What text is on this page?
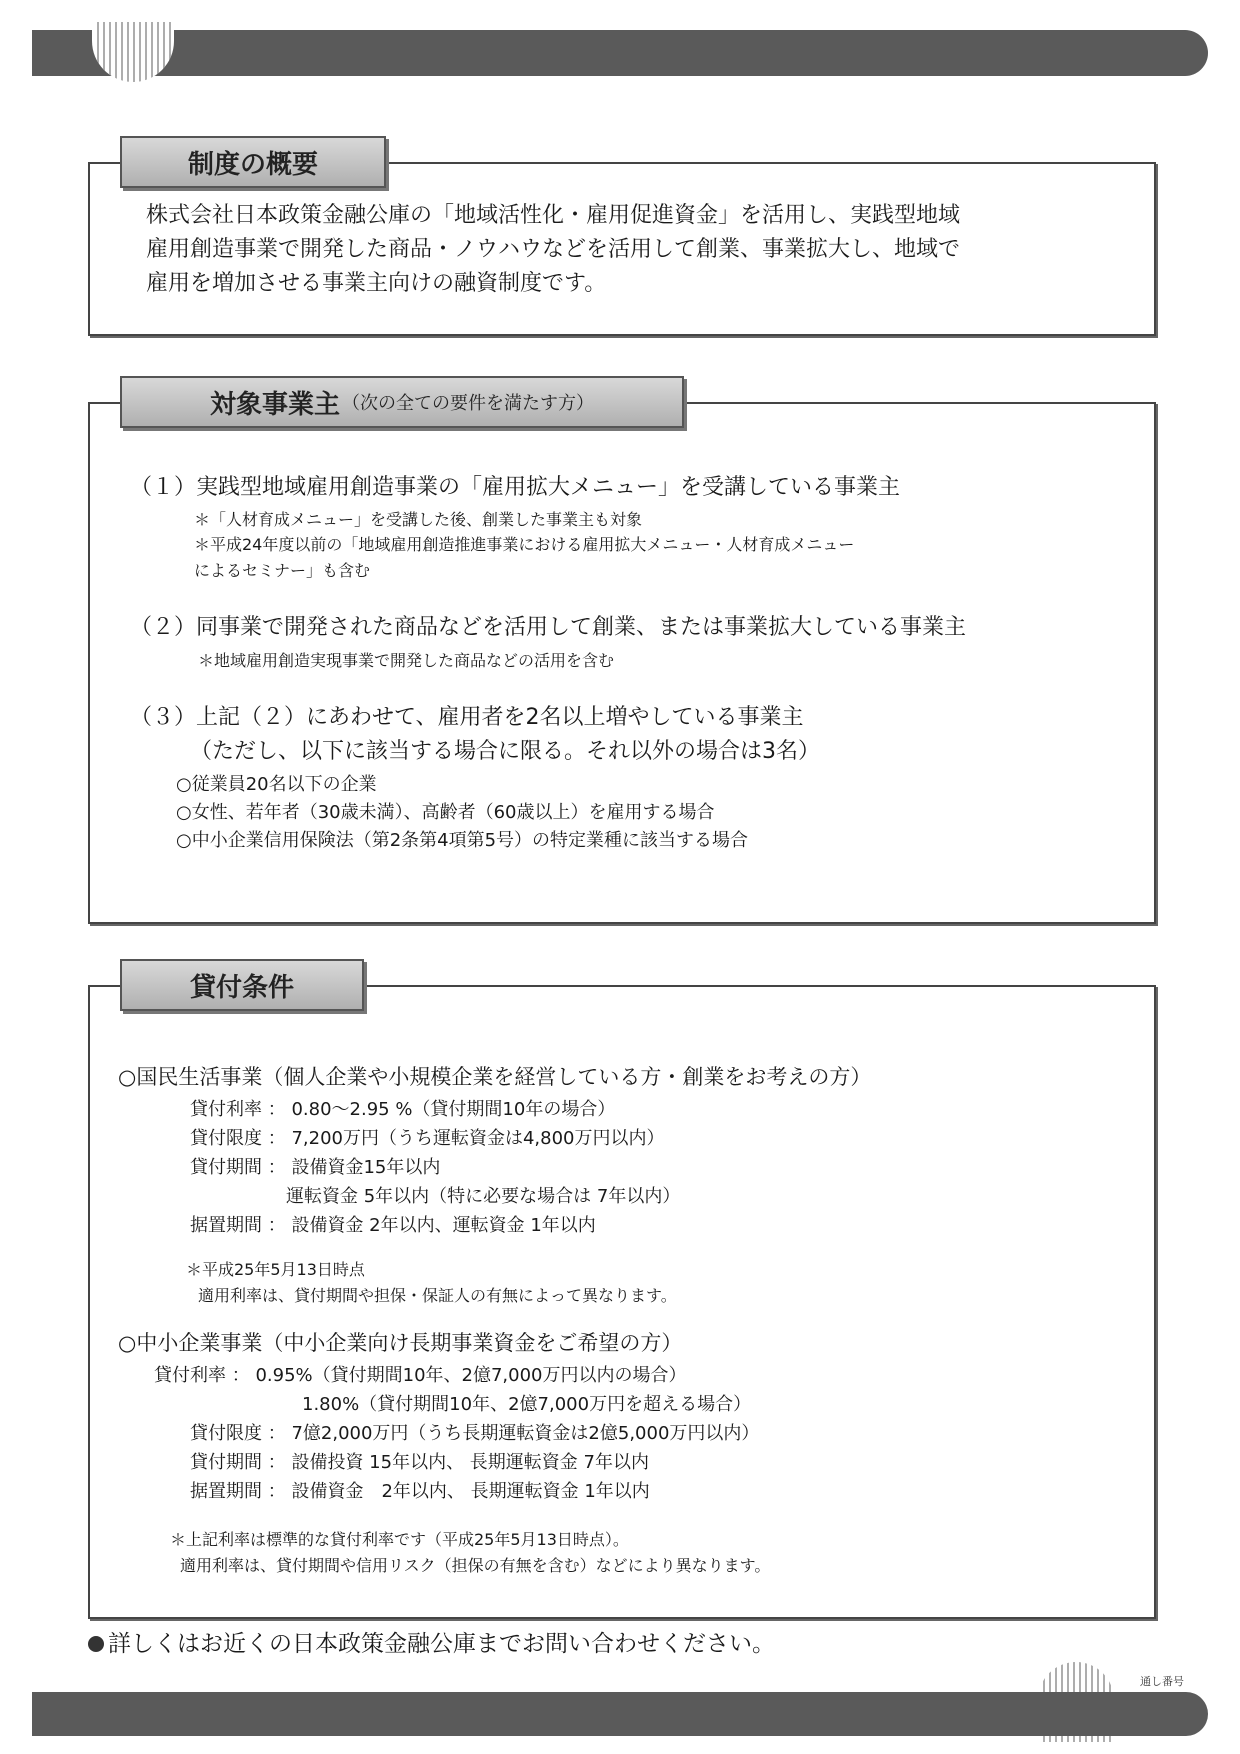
制度の概要
株式会社日本政策金融公庫の「地域活性化・雇用促進資金」を活用し、実践型地域
雇用創造事業で開発した商品・ノウハウなどを活用して創業、事業拡大し、地域で
雇用を増加させる事業主向けの融資制度です。
対象事業主 （次の全ての要件を満たす方）
（１）実践型地域雇用創造事業の「雇用拡大メニュー」を受講している事業主
＊「人材育成メニュー」を受講した後、創業した事業主も対象
＊平成24年度以前の「地域雇用創造推進事業における雇用拡大メニュー・人材育成メニュー
によるセミナー」も含む
（２）同事業で開発された商品などを活用して創業、または事業拡大している事業主
＊地域雇用創造実現事業で開発した商品などの活用を含む
（３）上記（２）にあわせて、雇用者を2名以上増やしている事業主
（ただし、以下に該当する場合に限る。それ以外の場合は3名）
○従業員20名以下の企業
○女性、若年者（30歳未満）、高齢者（60歳以上）を雇用する場合
○中小企業信用保険法（第2条第4項第5号）の特定業種に該当する場合
貸付条件
○国民生活事業（個人企業や小規模企業を経営している方・創業をお考えの方）
貸付利率 ： 0.80～2.95 %（貸付期間10年の場合）
貸付限度 ： 7,200万円（うち運転資金は4,800万円以内）
貸付期間 ： 設備資金15年以内
運転資金 5年以内（特に必要な場合は 7年以内）
据置期間 ： 設備資金 2年以内、運転資金 1年以内
＊平成25年5月13日時点
適用利率は、貸付期間や担保・保証人の有無によって異なります。
○中小企業事業（中小企業向け長期事業資金をご希望の方）
貸付利率 ： 0.95%（貸付期間10年、2億7,000万円以内の場合）
1.80%（貸付期間10年、2億7,000万円を超える場合）
貸付限度 ： 7億2,000万円（うち長期運転資金は2億5,000万円以内）
貸付期間 ： 設備投資 15年以内、 長期運転資金 7年以内
据置期間 ： 設備資金　2年以内、 長期運転資金 1年以内
＊上記利率は標準的な貸付利率です（平成25年5月13日時点）。
適用利率は、貸付期間や信用リスク（担保の有無を含む）などにより異なります。
詳しくはお近くの日本政策金融公庫までお問い合わせください。
通し番号
